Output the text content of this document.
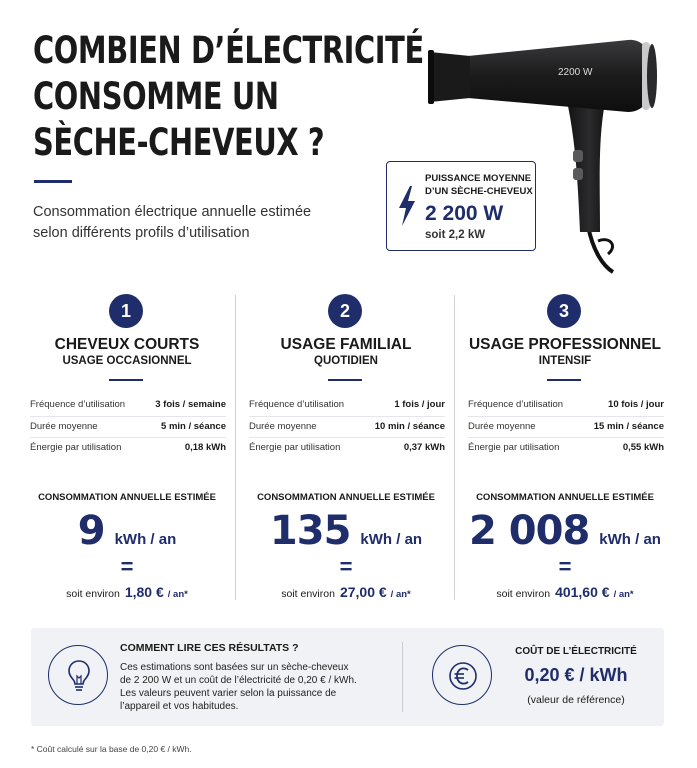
COMBIEN D’ÉLECTRICITÉ
CONSOMME UN
SÈCHE-CHEVEUX ?
Consommation électrique annuelle estimée
selon différents profils d’utilisation
2200 W
PUISSANCE MOYENNE
D’UN SÈCHE-CHEVEUX
2 200 W
soit 2,2 kW
1
CHEVEUX COURTS
USAGE OCCASIONNEL
Fréquence d’utilisation	3 fois / semaine
Durée moyenne	5 min / séance
Énergie par utilisation	0,18 kWh
CONSOMMATION ANNUELLE ESTIMÉE
9 kWh / an
=
soit environ 1,80 € / an*
2
USAGE FAMILIAL
QUOTIDIEN
Fréquence d’utilisation	1 fois / jour
Durée moyenne	10 min / séance
Énergie par utilisation	0,37 kWh
CONSOMMATION ANNUELLE ESTIMÉE
135 kWh / an
=
soit environ 27,00 € / an*
3
USAGE PROFESSIONNEL
INTENSIF
Fréquence d’utilisation	10 fois / jour
Durée moyenne	15 min / séance
Énergie par utilisation	0,55 kWh
CONSOMMATION ANNUELLE ESTIMÉE
2 008 kWh / an
=
soit environ 401,60 € / an*
COMMENT LIRE CES RÉSULTATS ?
Ces estimations sont basées sur un sèche-cheveux
de 2 200 W et un coût de l’électricité de 0,20 € / kWh.
Les valeurs peuvent varier selon la puissance de
l’appareil et vos habitudes.
COÛT DE L’ÉLECTRICITÉ
0,20 € / kWh
(valeur de référence)
* Coût calculé sur la base de 0,20 € / kWh.
